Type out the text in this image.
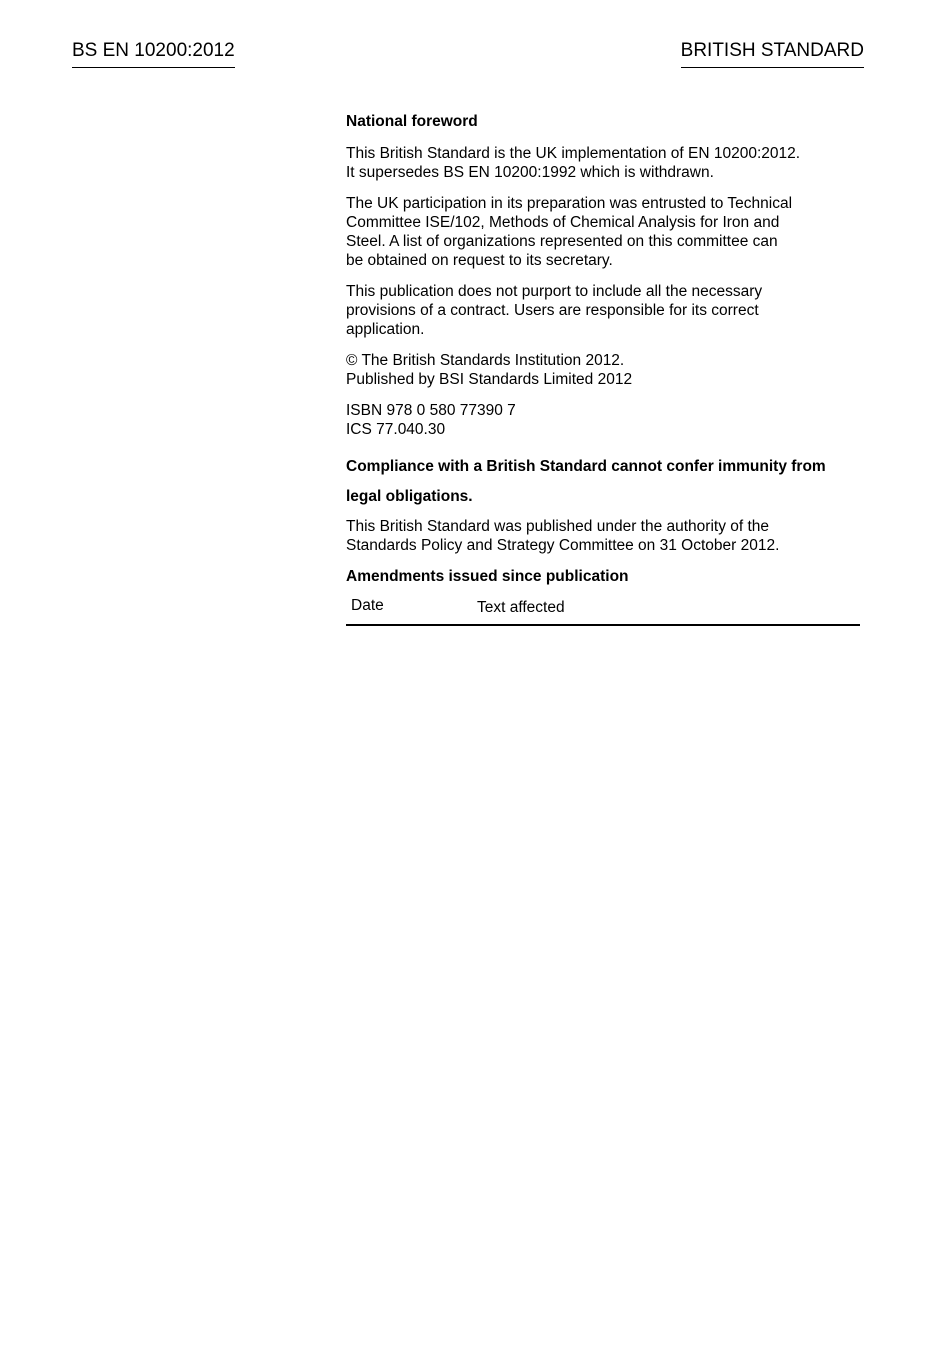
BS EN 10200:2012	BRITISH STANDARD

National foreword

This British Standard is the UK implementation of EN 10200:2012.
It supersedes BS EN 10200:1992 which is withdrawn.

The UK participation in its preparation was entrusted to Technical
Committee ISE/102, Methods of Chemical Analysis for Iron and
Steel. A list of organizations represented on this committee can
be obtained on request to its secretary.

This publication does not purport to include all the necessary
provisions of a contract. Users are responsible for its correct
application.

© The British Standards Institution 2012.
Published by BSI Standards Limited 2012

ISBN 978 0 580 77390 7
ICS 77.040.30

Compliance with a British Standard cannot confer immunity from
legal obligations.

This British Standard was published under the authority of the
Standards Policy and Strategy Committee on 31 October 2012.

Amendments issued since publication

Date	Text affected
